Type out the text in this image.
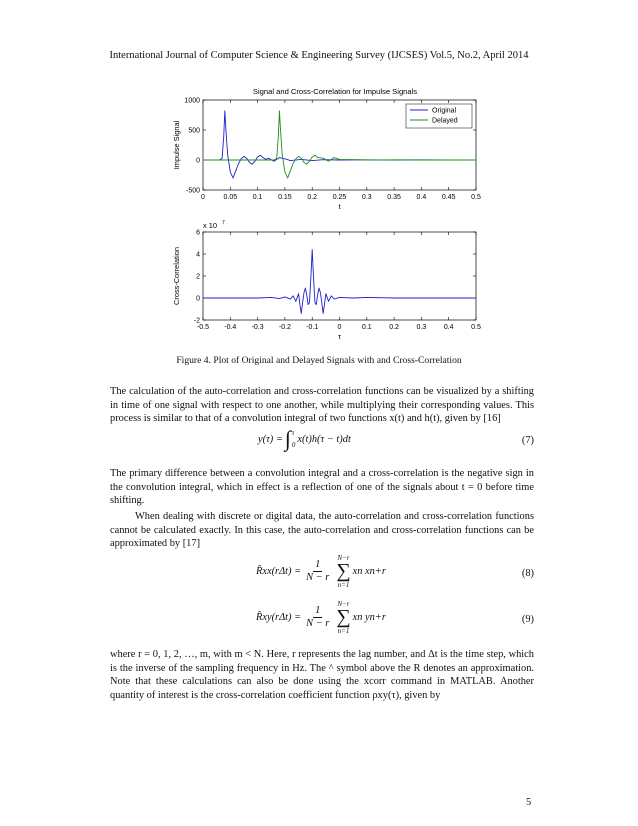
International Journal of Computer Science & Engineering Survey (IJCSES) Vol.5, No.2, April 2014
Signal and Cross-Correlation for Impulse Signals
0	0.05 0.1 0.15 0.2 0.25 0.3 0.35 0.4 0.45 0.5
-500
0
500
1000
t
Impulse Signal
Original
Delayed
-0.5 -0.4 -0.3 -0.2 -0.1	0	0.1	0.2	0.3	0.4	0.5
-2
0
2
4
6
τ
Cross-Correlation
x 10 7
Figure 4. Plot of Original and Delayed Signals with and Cross-Correlation

The calculation of the auto-correlation and cross-correlation functions can be visualized by a shifting in time of one signal with respect to one another, while multiplying their corresponding values. This process is similar to that of a convolution integral of two functions x(t) and h(t), given by [16]

y(τ) = ∫ τ
0
x(t)h(τ − t)dt	(7)

The primary difference between a convolution integral and a cross-correlation is the negative sign in the convolution integral, which in effect is a reflection of one of the signals about t = 0 before time shifting.

When dealing with discrete or digital data, the auto-correlation and cross-correlation functions cannot be calculated exactly. In this case, the auto-correlation and cross-correlation functions can be approximated by [17]

R̂xx(rΔt) = $\frac{1}{N - r}$
N−r
∑
n=1
xn xn+r	(8)
R̂xy(rΔt) = $\frac{1}{N - r}$
N−r
∑
n=1
xn yn+r	(9)

where r = 0, 1, 2, …, m, with m < N. Here, r represents the lag number, and Δt is the time step, which is the inverse of the sampling frequency in Hz. The ^ symbol above the R denotes an approximation. Note that these calculations can also be done using the xcorr command in MATLAB. Another quantity of interest is the cross-correlation coefficient function ρxy(τ), given by

5
